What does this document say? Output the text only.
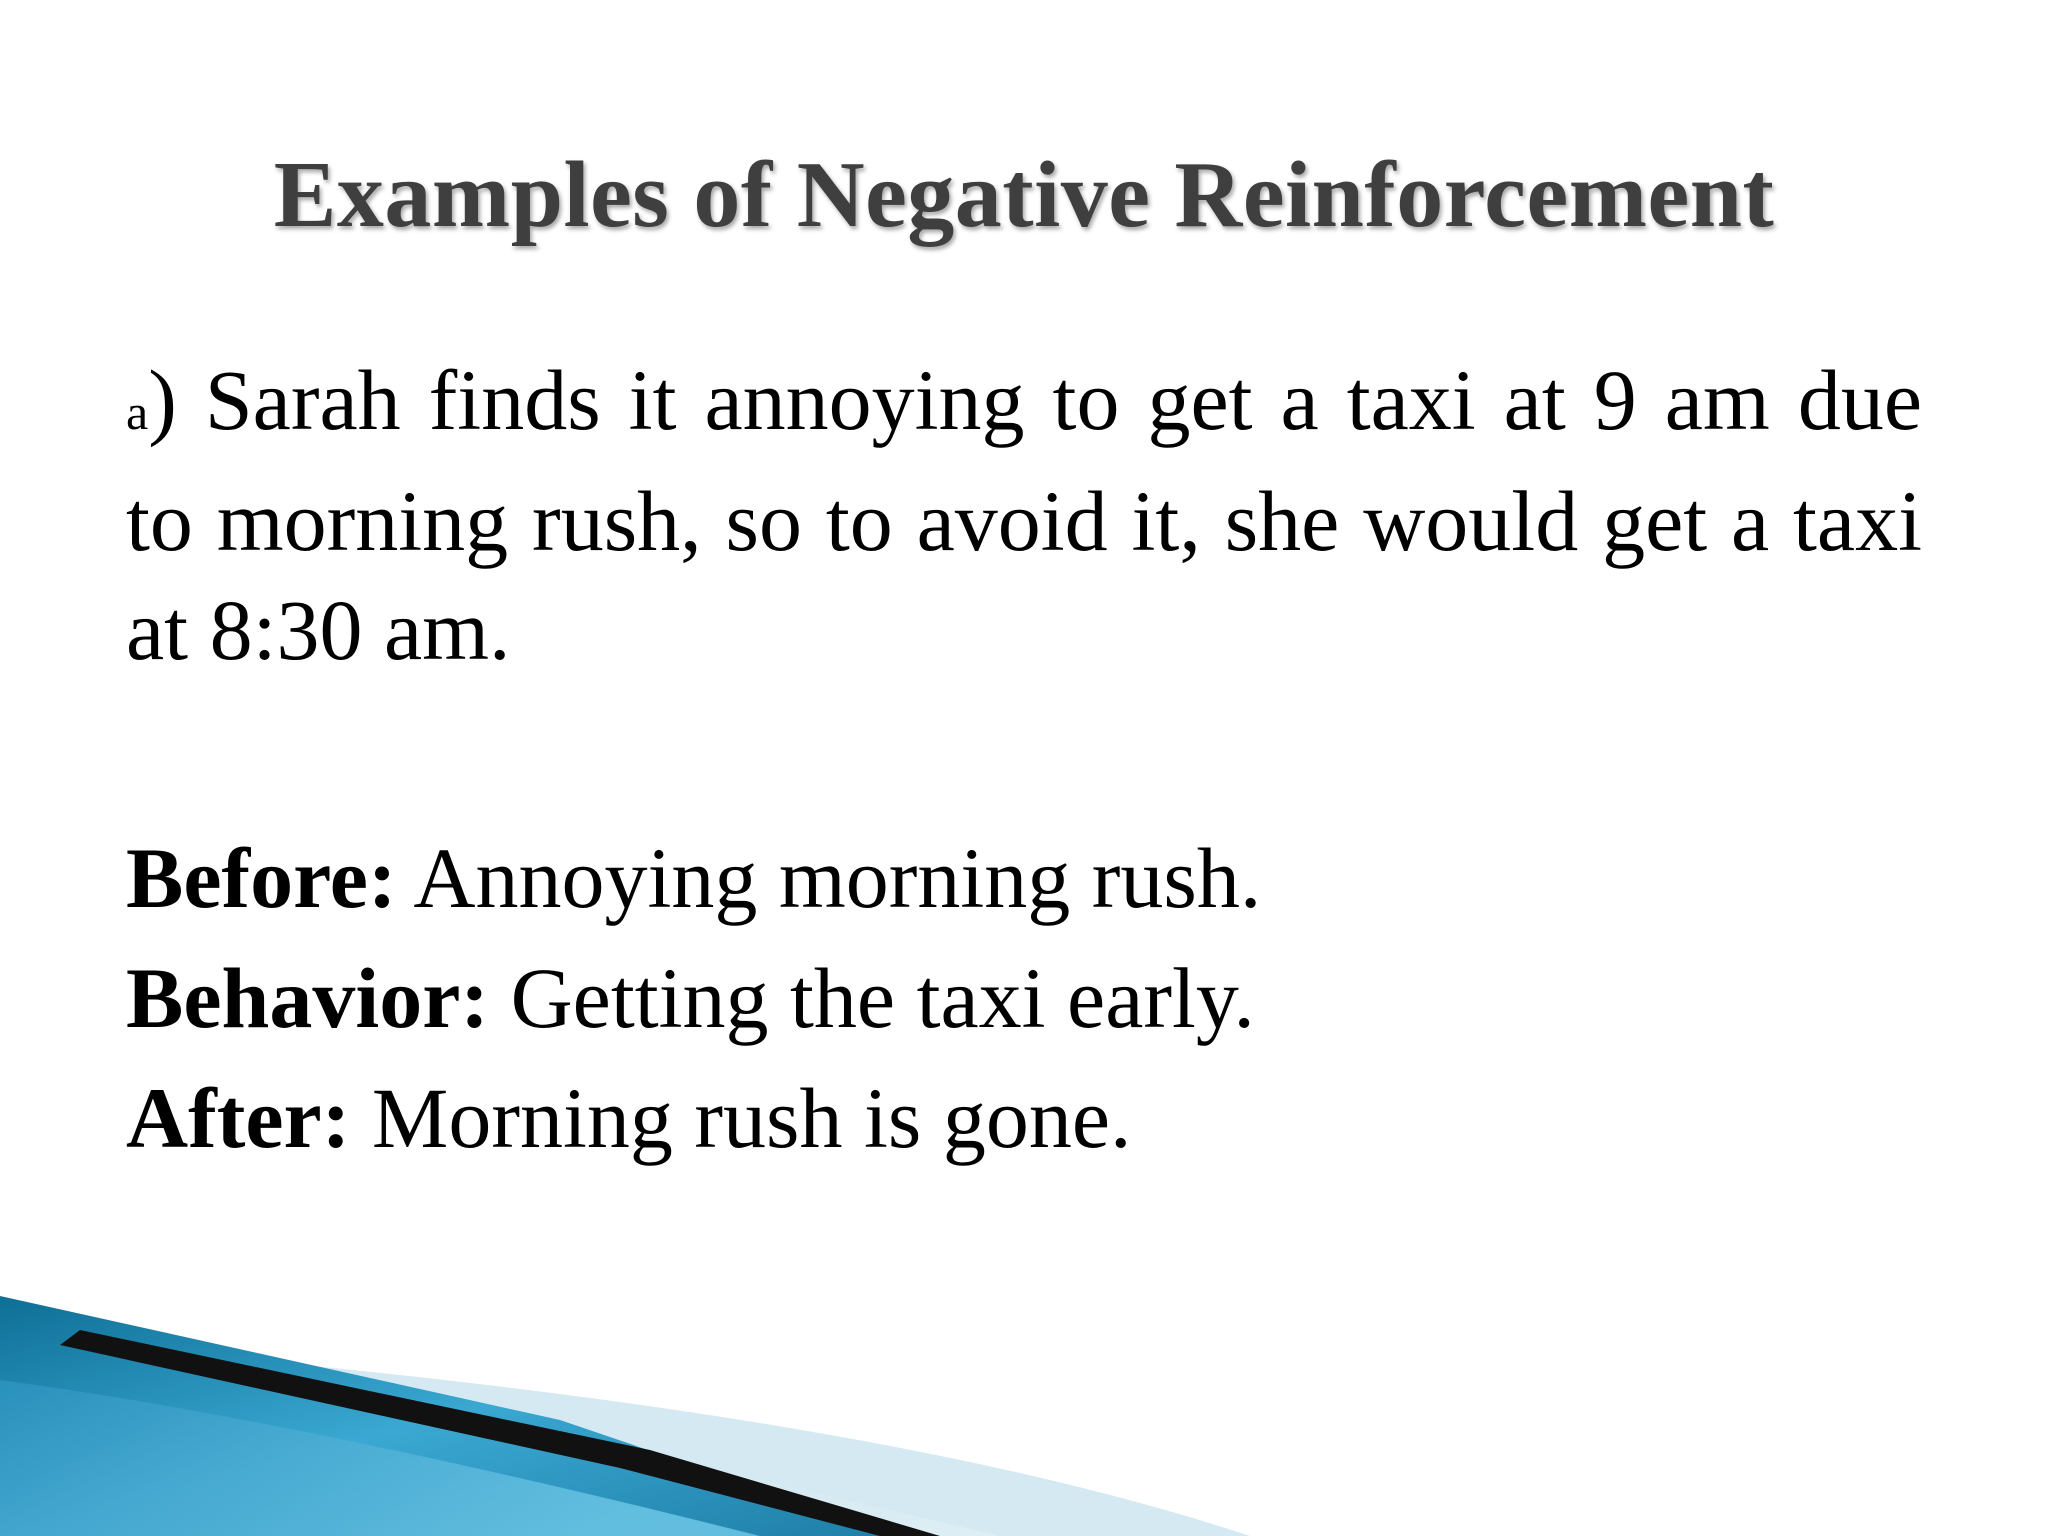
Examples of Negative Reinforcement

a) Sarah finds it annoying to get a taxi at 9 am due to morning rush, so to avoid it, she would get a taxi at 8:30 am.

Before: Annoying morning rush.
Behavior: Getting the taxi early.
After: Morning rush is gone.
